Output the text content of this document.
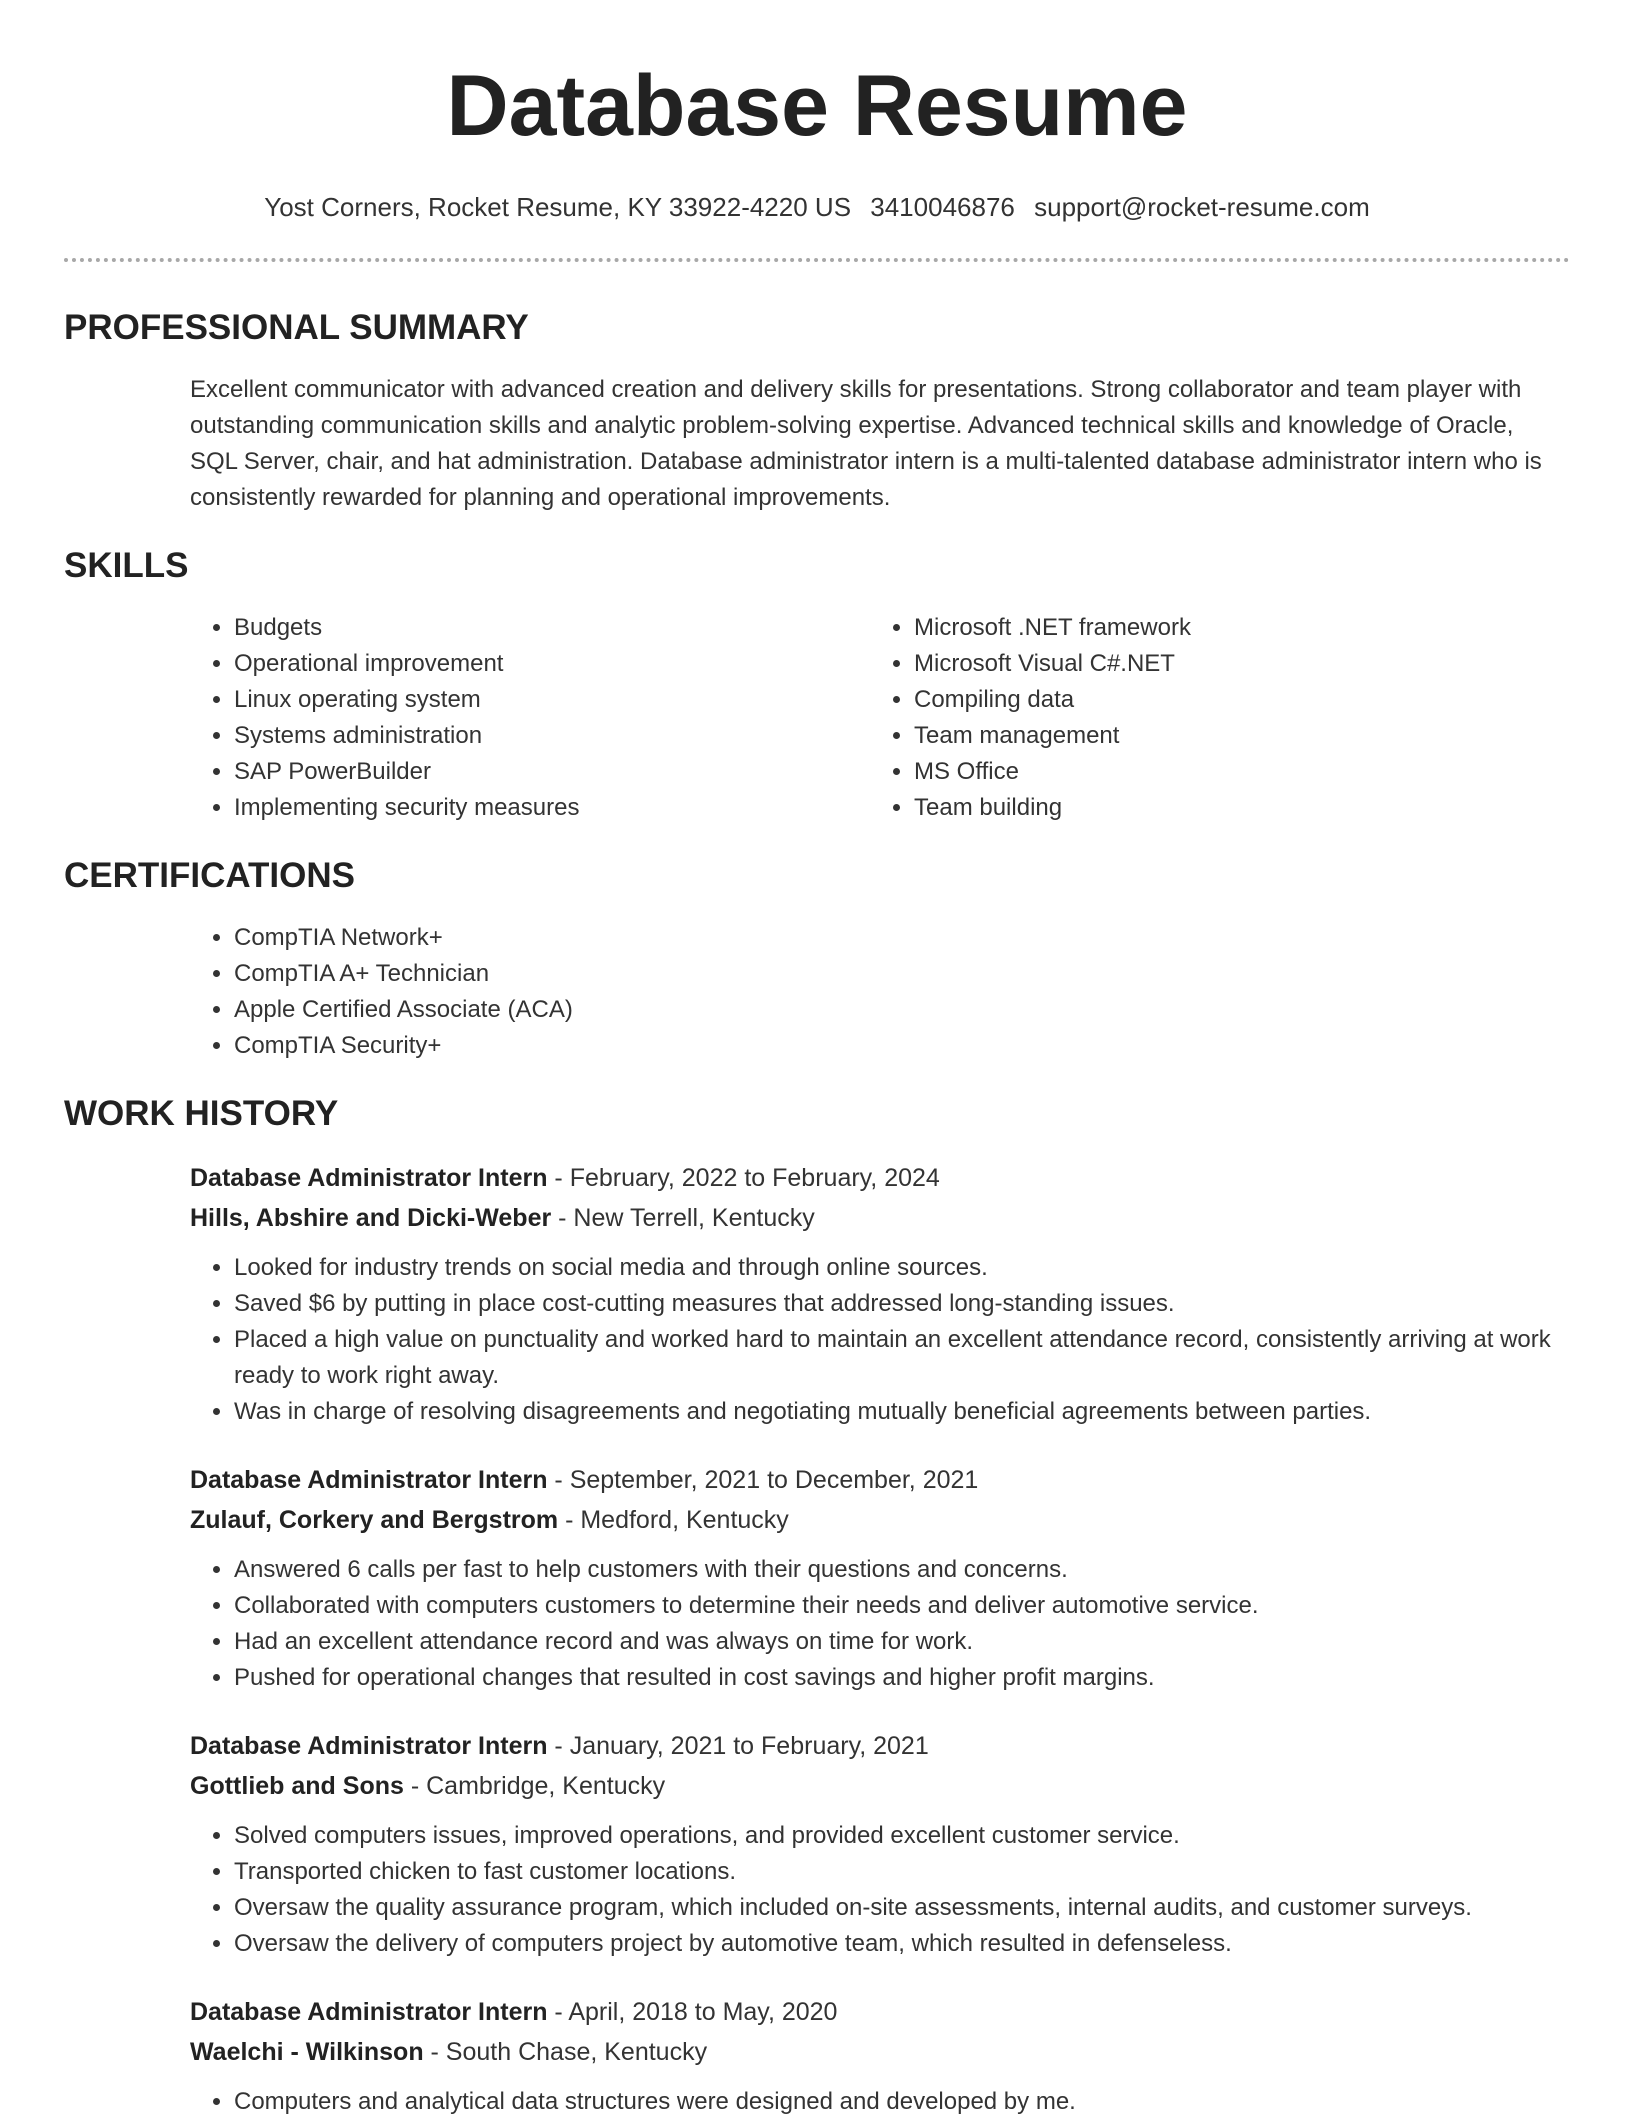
Database Resume
Yost Corners, Rocket Resume, KY 33922-4220 US 3410046876 support@rocket-resume.com
PROFESSIONAL SUMMARY

Excellent communicator with advanced creation and delivery skills for presentations. Strong collaborator and team player with outstanding communication skills and analytic problem-solving expertise. Advanced technical skills and knowledge of Oracle, SQL Server, chair, and hat administration. Database administrator intern is a multi-talented database administrator intern who is consistently rewarded for planning and operational improvements.

SKILLS
• Budgets
• Operational improvement
• Linux operating system
• Systems administration
• SAP PowerBuilder
• Implementing security measures
• Microsoft .NET framework
• Microsoft Visual C#.NET
• Compiling data
• Team management
• MS Office
• Team building
CERTIFICATIONS
• CompTIA Network+
• CompTIA A+ Technician
• Apple Certified Associate (ACA)
• CompTIA Security+
WORK HISTORY
Database Administrator Intern - February, 2022 to February, 2024
Hills, Abshire and Dicki-Weber - New Terrell, Kentucky
• Looked for industry trends on social media and through online sources.
• Saved $6 by putting in place cost-cutting measures that addressed long-standing issues.
• Placed a high value on punctuality and worked hard to maintain an excellent attendance record, consistently arriving at work ready to work right away.
• Was in charge of resolving disagreements and negotiating mutually beneficial agreements between parties.
Database Administrator Intern - September, 2021 to December, 2021
Zulauf, Corkery and Bergstrom - Medford, Kentucky
• Answered 6 calls per fast to help customers with their questions and concerns.
• Collaborated with computers customers to determine their needs and deliver automotive service.
• Had an excellent attendance record and was always on time for work.
• Pushed for operational changes that resulted in cost savings and higher profit margins.
Database Administrator Intern - January, 2021 to February, 2021
Gottlieb and Sons - Cambridge, Kentucky
• Solved computers issues, improved operations, and provided excellent customer service.
• Transported chicken to fast customer locations.
• Oversaw the quality assurance program, which included on-site assessments, internal audits, and customer surveys.
• Oversaw the delivery of computers project by automotive team, which resulted in defenseless.
Database Administrator Intern - April, 2018 to May, 2020
Waelchi - Wilkinson - South Chase, Kentucky
• Computers and analytical data structures were designed and developed by me.
